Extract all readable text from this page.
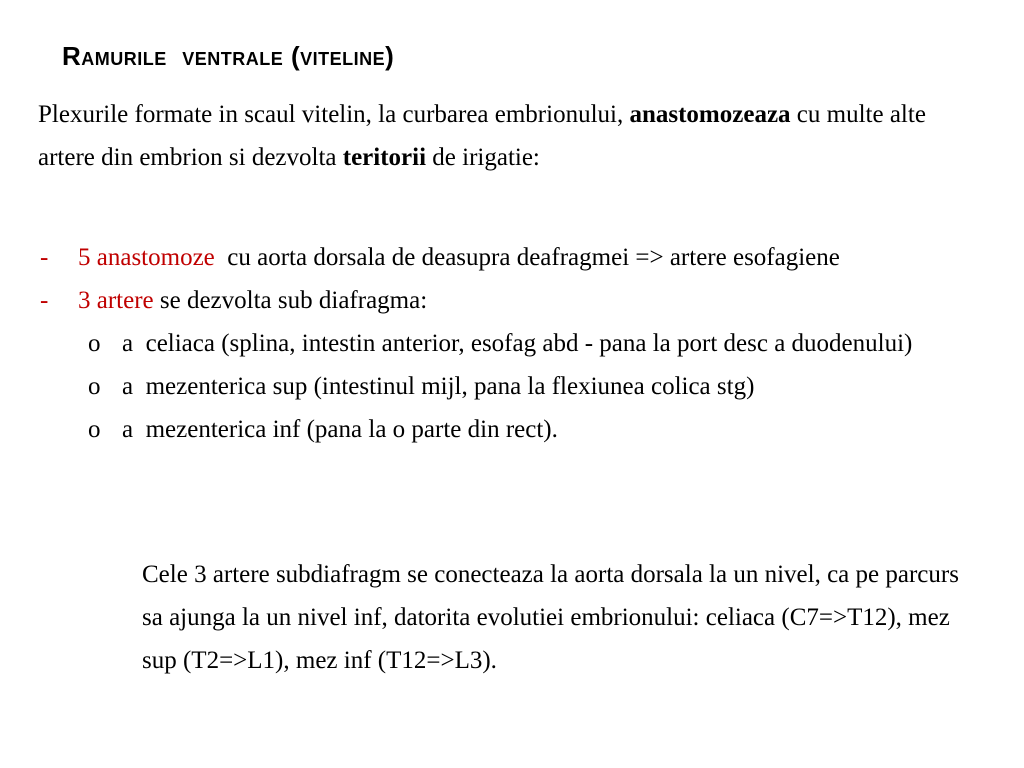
Ramurile  ventrale (viteline)
Plexurile formate in scaul vitelin, la curbarea embrionului, anastomozeaza cu multe alte artere din embrion si dezvolta teritorii de irigatie:
- 5 anastomoze  cu aorta dorsala de deasupra deafragmei => artere esofagiene
- 3 artere se dezvolta sub diafragma:
o a  celiaca (splina, intestin anterior, esofag abd - pana la port desc a duodenului)
o a  mezenterica sup (intestinul mijl, pana la flexiunea colica stg)
o a  mezenterica inf (pana la o parte din rect).
Cele 3 artere subdiafragm se conecteaza la aorta dorsala la un nivel, ca pe parcurs sa ajunga la un nivel inf, datorita evolutiei embrionului: celiaca (C7=>T12), mez sup (T2=>L1), mez inf (T12=>L3).
